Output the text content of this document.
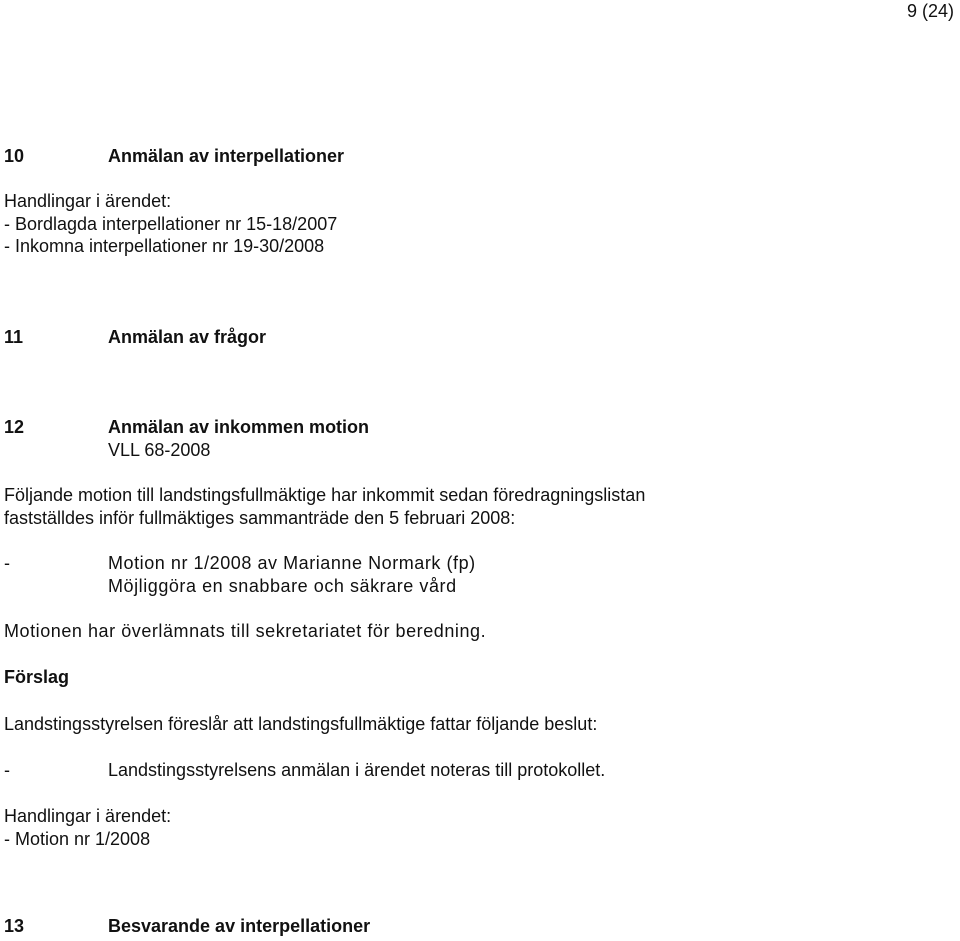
9 (24)
10	Anmälan av interpellationer
Handlingar i ärendet:
- Bordlagda interpellationer nr 15-18/2007
- Inkomna interpellationer nr 19-30/2008
11	Anmälan av frågor
12	Anmälan av inkommen motion
VLL 68-2008
Följande motion till landstingsfullmäktige har inkommit sedan föredragningslistan
fastställdes inför fullmäktiges sammanträde den 5 februari 2008:
-	Motion nr 1/2008 av Marianne Normark (fp)
Möjliggöra en snabbare och säkrare vård
Motionen har överlämnats till sekretariatet för beredning.
Förslag
Landstingsstyrelsen föreslår att landstingsfullmäktige fattar följande beslut:
-	Landstingsstyrelsens anmälan i ärendet noteras till protokollet.
Handlingar i ärendet:
- Motion nr 1/2008
13	Besvarande av interpellationer
